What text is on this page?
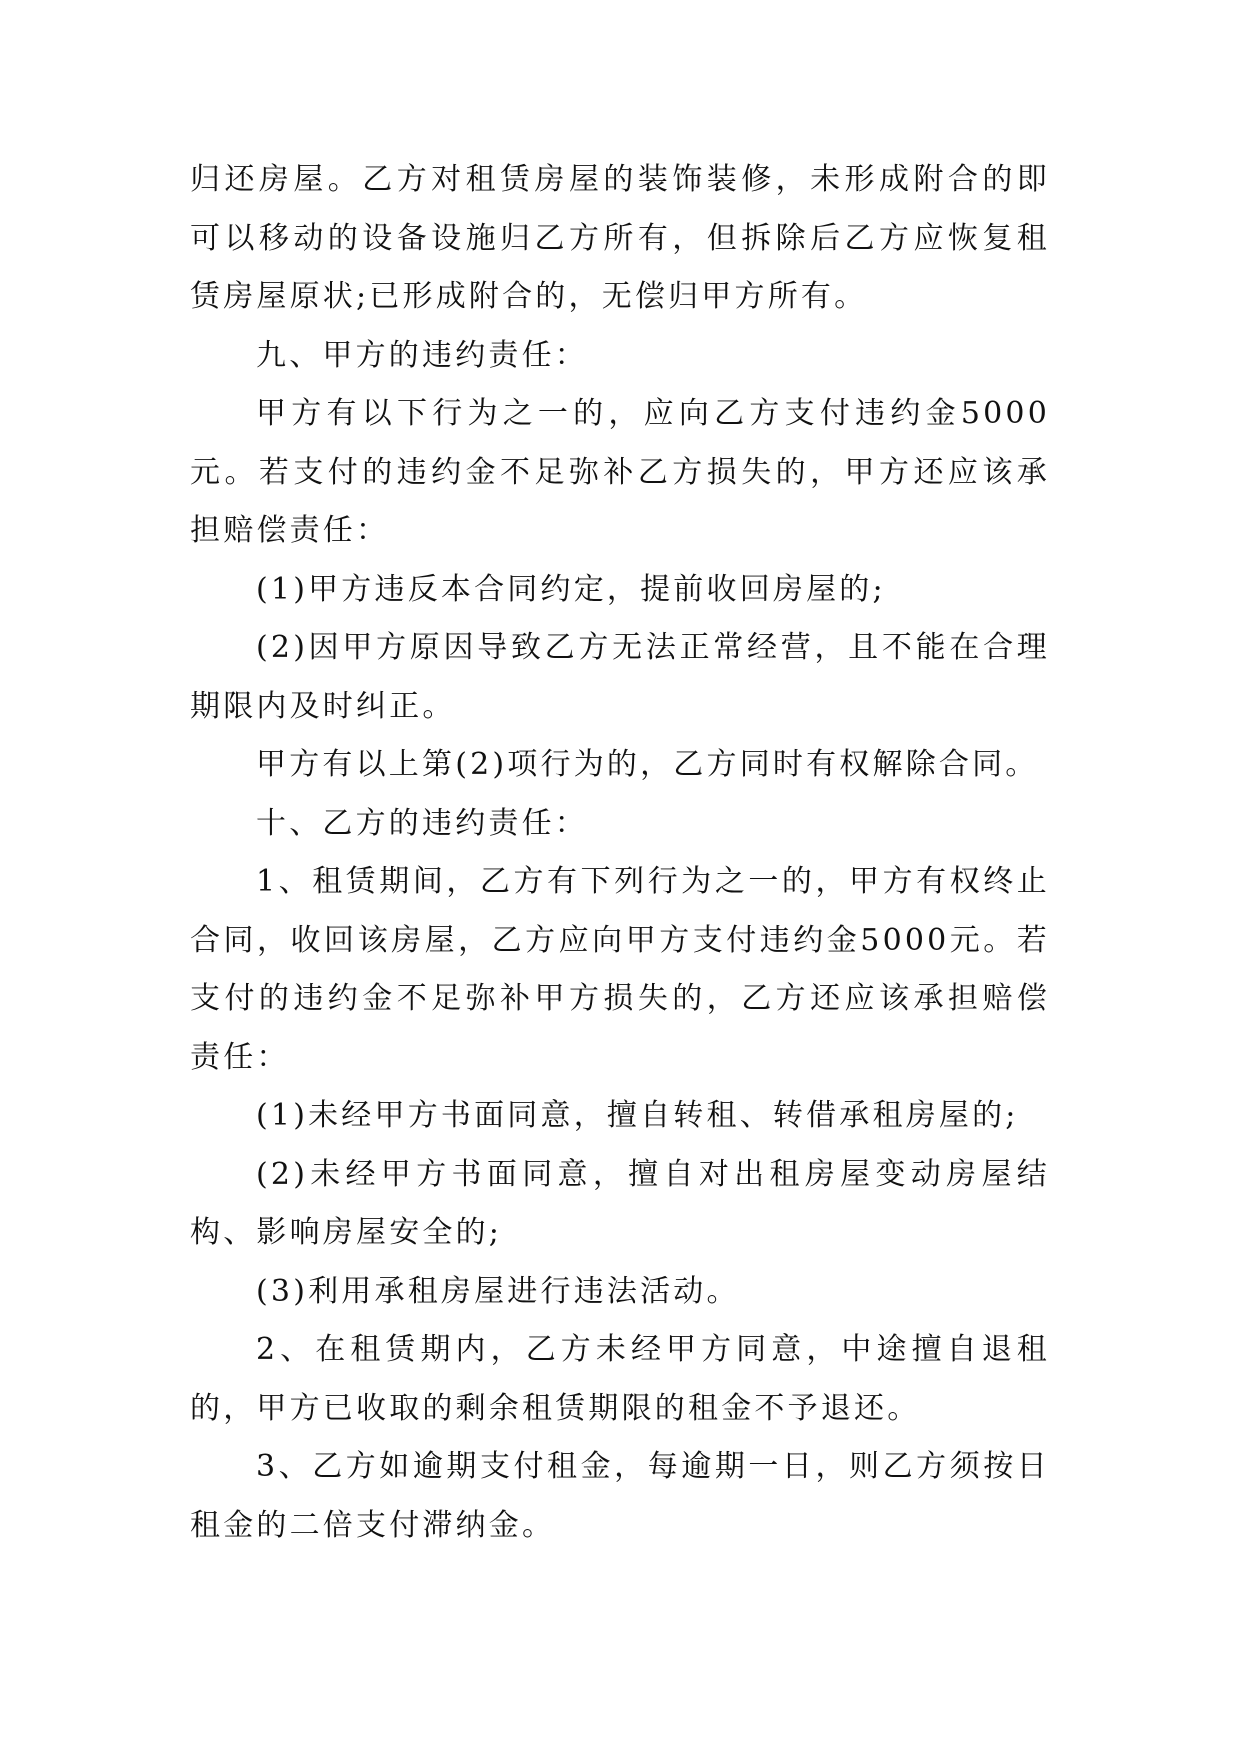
归还房屋。乙方对租赁房屋的装饰装修，未形成附合的即可以移动的设备设施归乙方所有，但拆除后乙方应恢复租赁房屋原状;已形成附合的，无偿归甲方所有。

九、甲方的违约责任：

甲方有以下行为之一的，应向乙方支付违约金5000元。若支付的违约金不足弥补乙方损失的，甲方还应该承担赔偿责任：

(1)甲方违反本合同约定，提前收回房屋的;

(2)因甲方原因导致乙方无法正常经营，且不能在合理期限内及时纠正。

甲方有以上第(2)项行为的，乙方同时有权解除合同。

十、乙方的违约责任：

1、租赁期间，乙方有下列行为之一的，甲方有权终止合同，收回该房屋，乙方应向甲方支付违约金5000元。若支付的违约金不足弥补甲方损失的，乙方还应该承担赔偿责任：

(1)未经甲方书面同意，擅自转租、转借承租房屋的;

(2)未经甲方书面同意，擅自对出租房屋变动房屋结构、影响房屋安全的;

(3)利用承租房屋进行违法活动。

2、在租赁期内，乙方未经甲方同意，中途擅自退租的，甲方已收取的剩余租赁期限的租金不予退还。

3、乙方如逾期支付租金，每逾期一日，则乙方须按日租金的二倍支付滞纳金。
